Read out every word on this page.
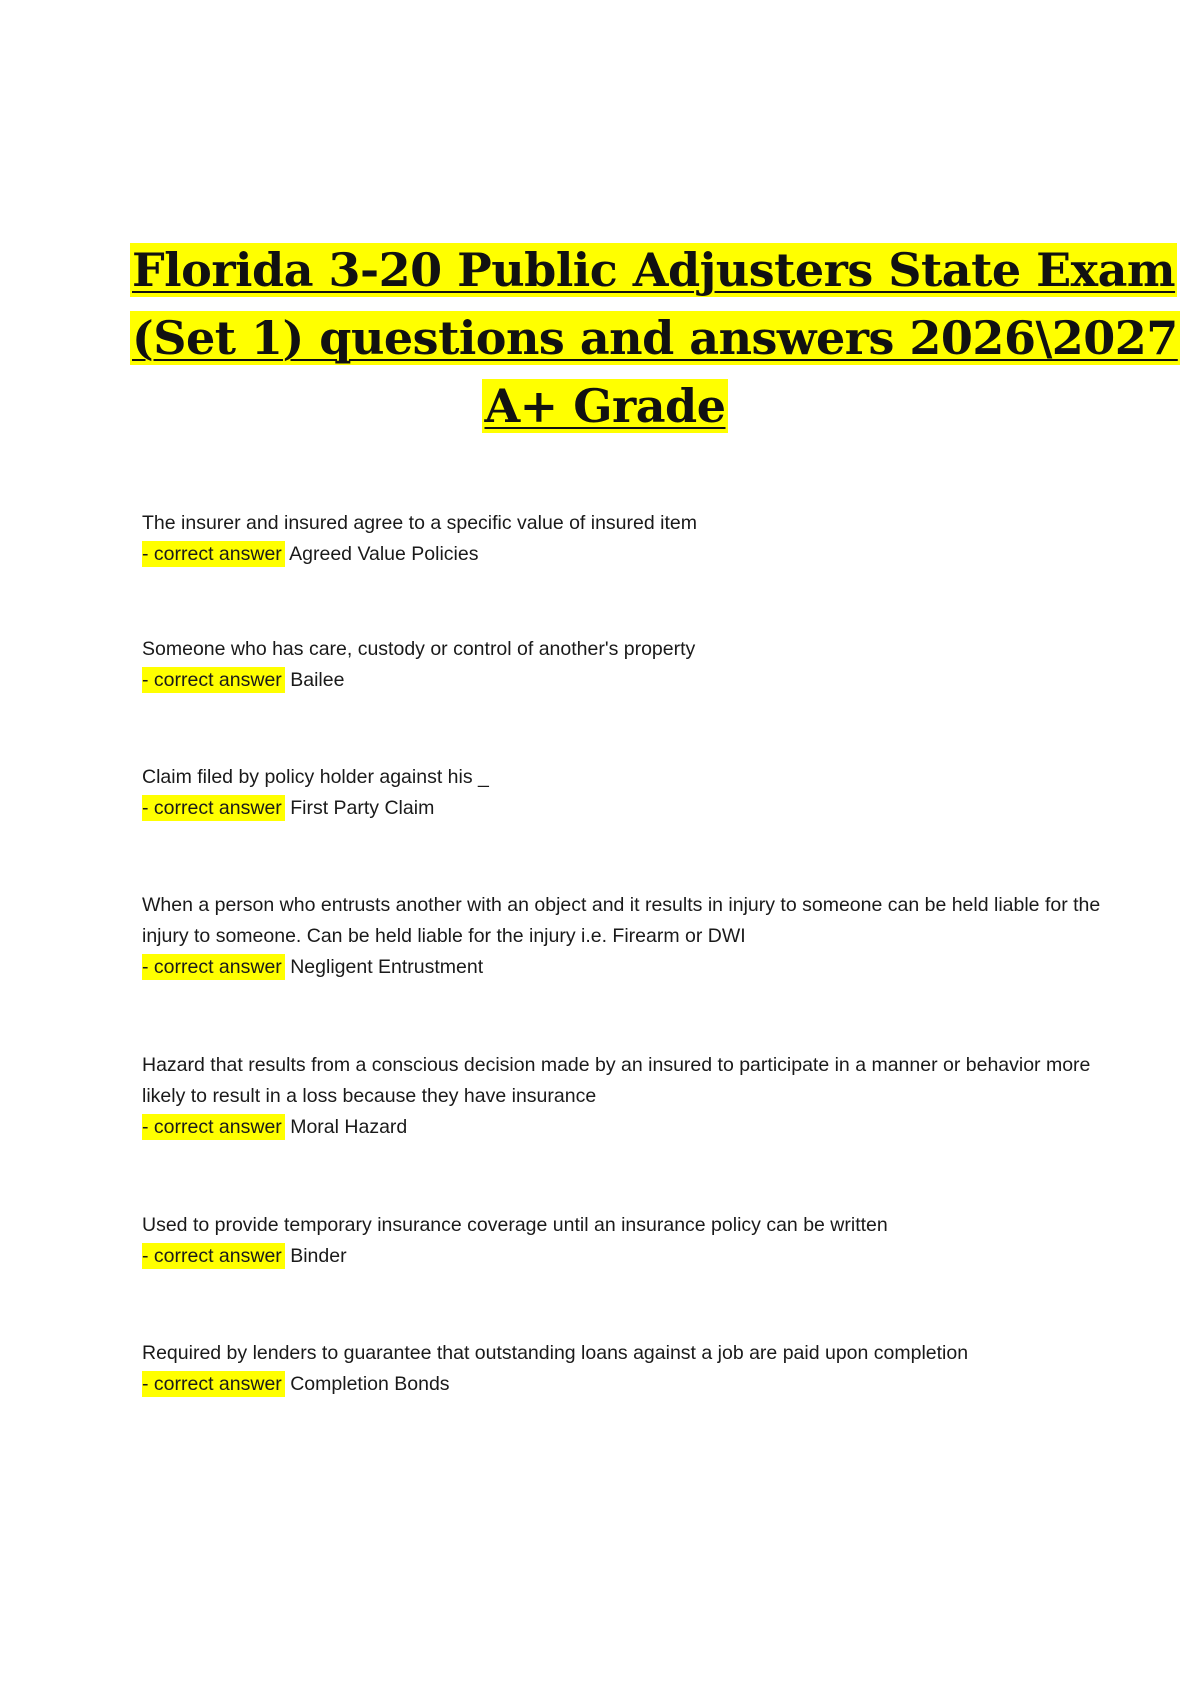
Florida 3-20 Public Adjusters State Exam
(Set 1) questions and answers 2026\2027
A+ Grade
The insurer and insured agree to a specific value of insured item
- correct answer Agreed Value Policies
Someone who has care, custody or control of another's property
- correct answer Bailee
Claim filed by policy holder against his _
- correct answer First Party Claim
When a person who entrusts another with an object and it results in injury to someone can be held liable for the injury to someone. Can be held liable for the injury i.e. Firearm or DWI
- correct answer Negligent Entrustment
Hazard that results from a conscious decision made by an insured to participate in a manner or behavior more likely to result in a loss because they have insurance
- correct answer Moral Hazard
Used to provide temporary insurance coverage until an insurance policy can be written
- correct answer Binder
Required by lenders to guarantee that outstanding loans against a job are paid upon completion
- correct answer Completion Bonds
